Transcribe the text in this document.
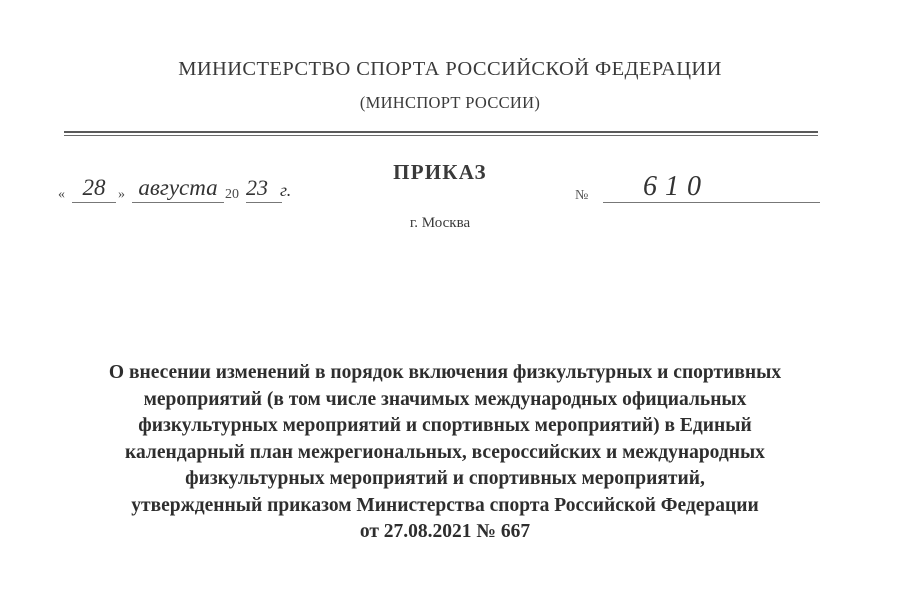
МИНИСТЕРСТВО СПОРТА РОССИЙСКОЙ ФЕДЕРАЦИИ
(МИНСПОРТ РОССИИ)
ПРИКАЗ
« 28 » августа 20 23 г.	№	610
г. Москва
О внесении изменений в порядок включения физкультурных и спортивных
мероприятий (в том числе значимых международных официальных
физкультурных мероприятий и спортивных мероприятий) в Единый
календарный план межрегиональных, всероссийских и международных
физкультурных мероприятий и спортивных мероприятий,
утвержденный приказом Министерства спорта Российской Федерации
от 27.08.2021 № 667
